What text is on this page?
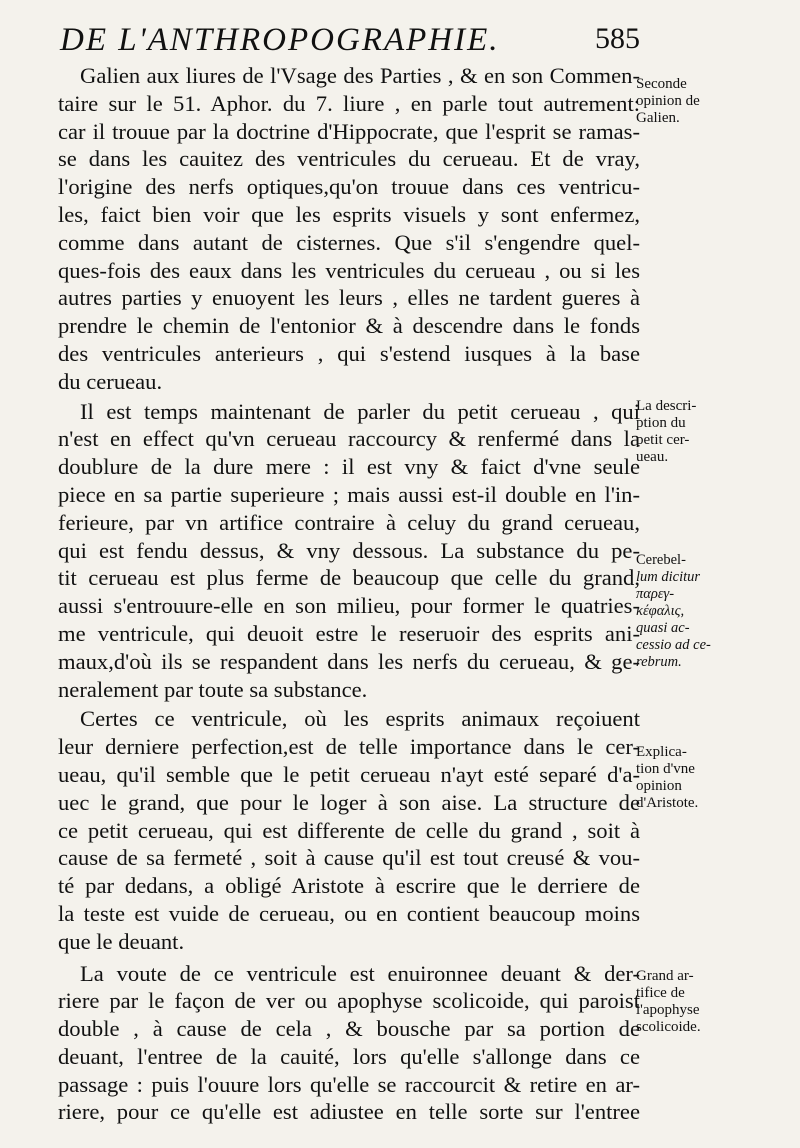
DE L'ANTHROPOGRAPHIE.	585
Galien aux liures de l'Vsage des Parties , & en son Commen-
taire sur le 51. Aphor. du 7. liure , en parle tout autrement:
car il trouue par la doctrine d'Hippocrate, que l'esprit se ramas-
se dans les cauitez des ventricules du cerueau. Et de vray,
l'origine des nerfs optiques,qu'on trouue dans ces ventricu-
les, faict bien voir que les esprits visuels y sont enfermez,
comme dans autant de cisternes. Que s'il s'engendre quel-
ques-fois des eaux dans les ventricules du cerueau , ou si les
autres parties y enuoyent les leurs , elles ne tardent gueres à
prendre le chemin de l'entonior & à descendre dans le fonds
des ventricules anterieurs , qui s'estend iusques à la base
du cerueau.
Il est temps maintenant de parler du petit cerueau , qui
n'est en effect qu'vn cerueau raccourcy & renfermé dans la
doublure de la dure mere : il est vny & faict d'vne seule
piece en sa partie superieure ; mais aussi est-il double en l'in-
ferieure, par vn artifice contraire à celuy du grand cerueau,
qui est fendu dessus, & vny dessous. La substance du pe-
tit cerueau est plus ferme de beaucoup que celle du grand,
aussi s'entrouure-elle en son milieu, pour former le quatries-
me ventricule, qui deuoit estre le reseruoir des esprits ani-
maux,d'où ils se respandent dans les nerfs du cerueau, & ge-
neralement par toute sa substance.
Certes ce ventricule, où les esprits animaux reçoiuent
leur derniere perfection,est de telle importance dans le cer-
ueau, qu'il semble que le petit cerueau n'ayt esté separé d'a-
uec le grand, que pour le loger à son aise. La structure de
ce petit cerueau, qui est differente de celle du grand , soit à
cause de sa fermeté , soit à cause qu'il est tout creusé & vou-
té par dedans, a obligé Aristote à escrire que le derriere de
la teste est vuide de cerueau, ou en contient beaucoup moins
que le deuant.
La voute de ce ventricule est enuironnee deuant & der-
riere par le façon de ver ou apophyse scolicoide, qui paroist
double , à cause de cela , & bousche par sa portion de
deuant, l'entree de la cauité, lors qu'elle s'allonge dans ce
passage : puis l'ouure lors qu'elle se raccourcit & retire en ar-
riere, pour ce qu'elle est adiustee en telle sorte sur l'entree
Seconde
opinion de
Galien.
La descri-
ption du
petit cer-
ueau.
Cerebel-
lum dicitur
παρεγ-
κέφαλις,
quasi ac-
cessio ad ce-
rebrum.
Explica-
tion d'vne
opinion
d'Aristote.
Grand ar-
tifice de
l'apophyse
scolicoide.
